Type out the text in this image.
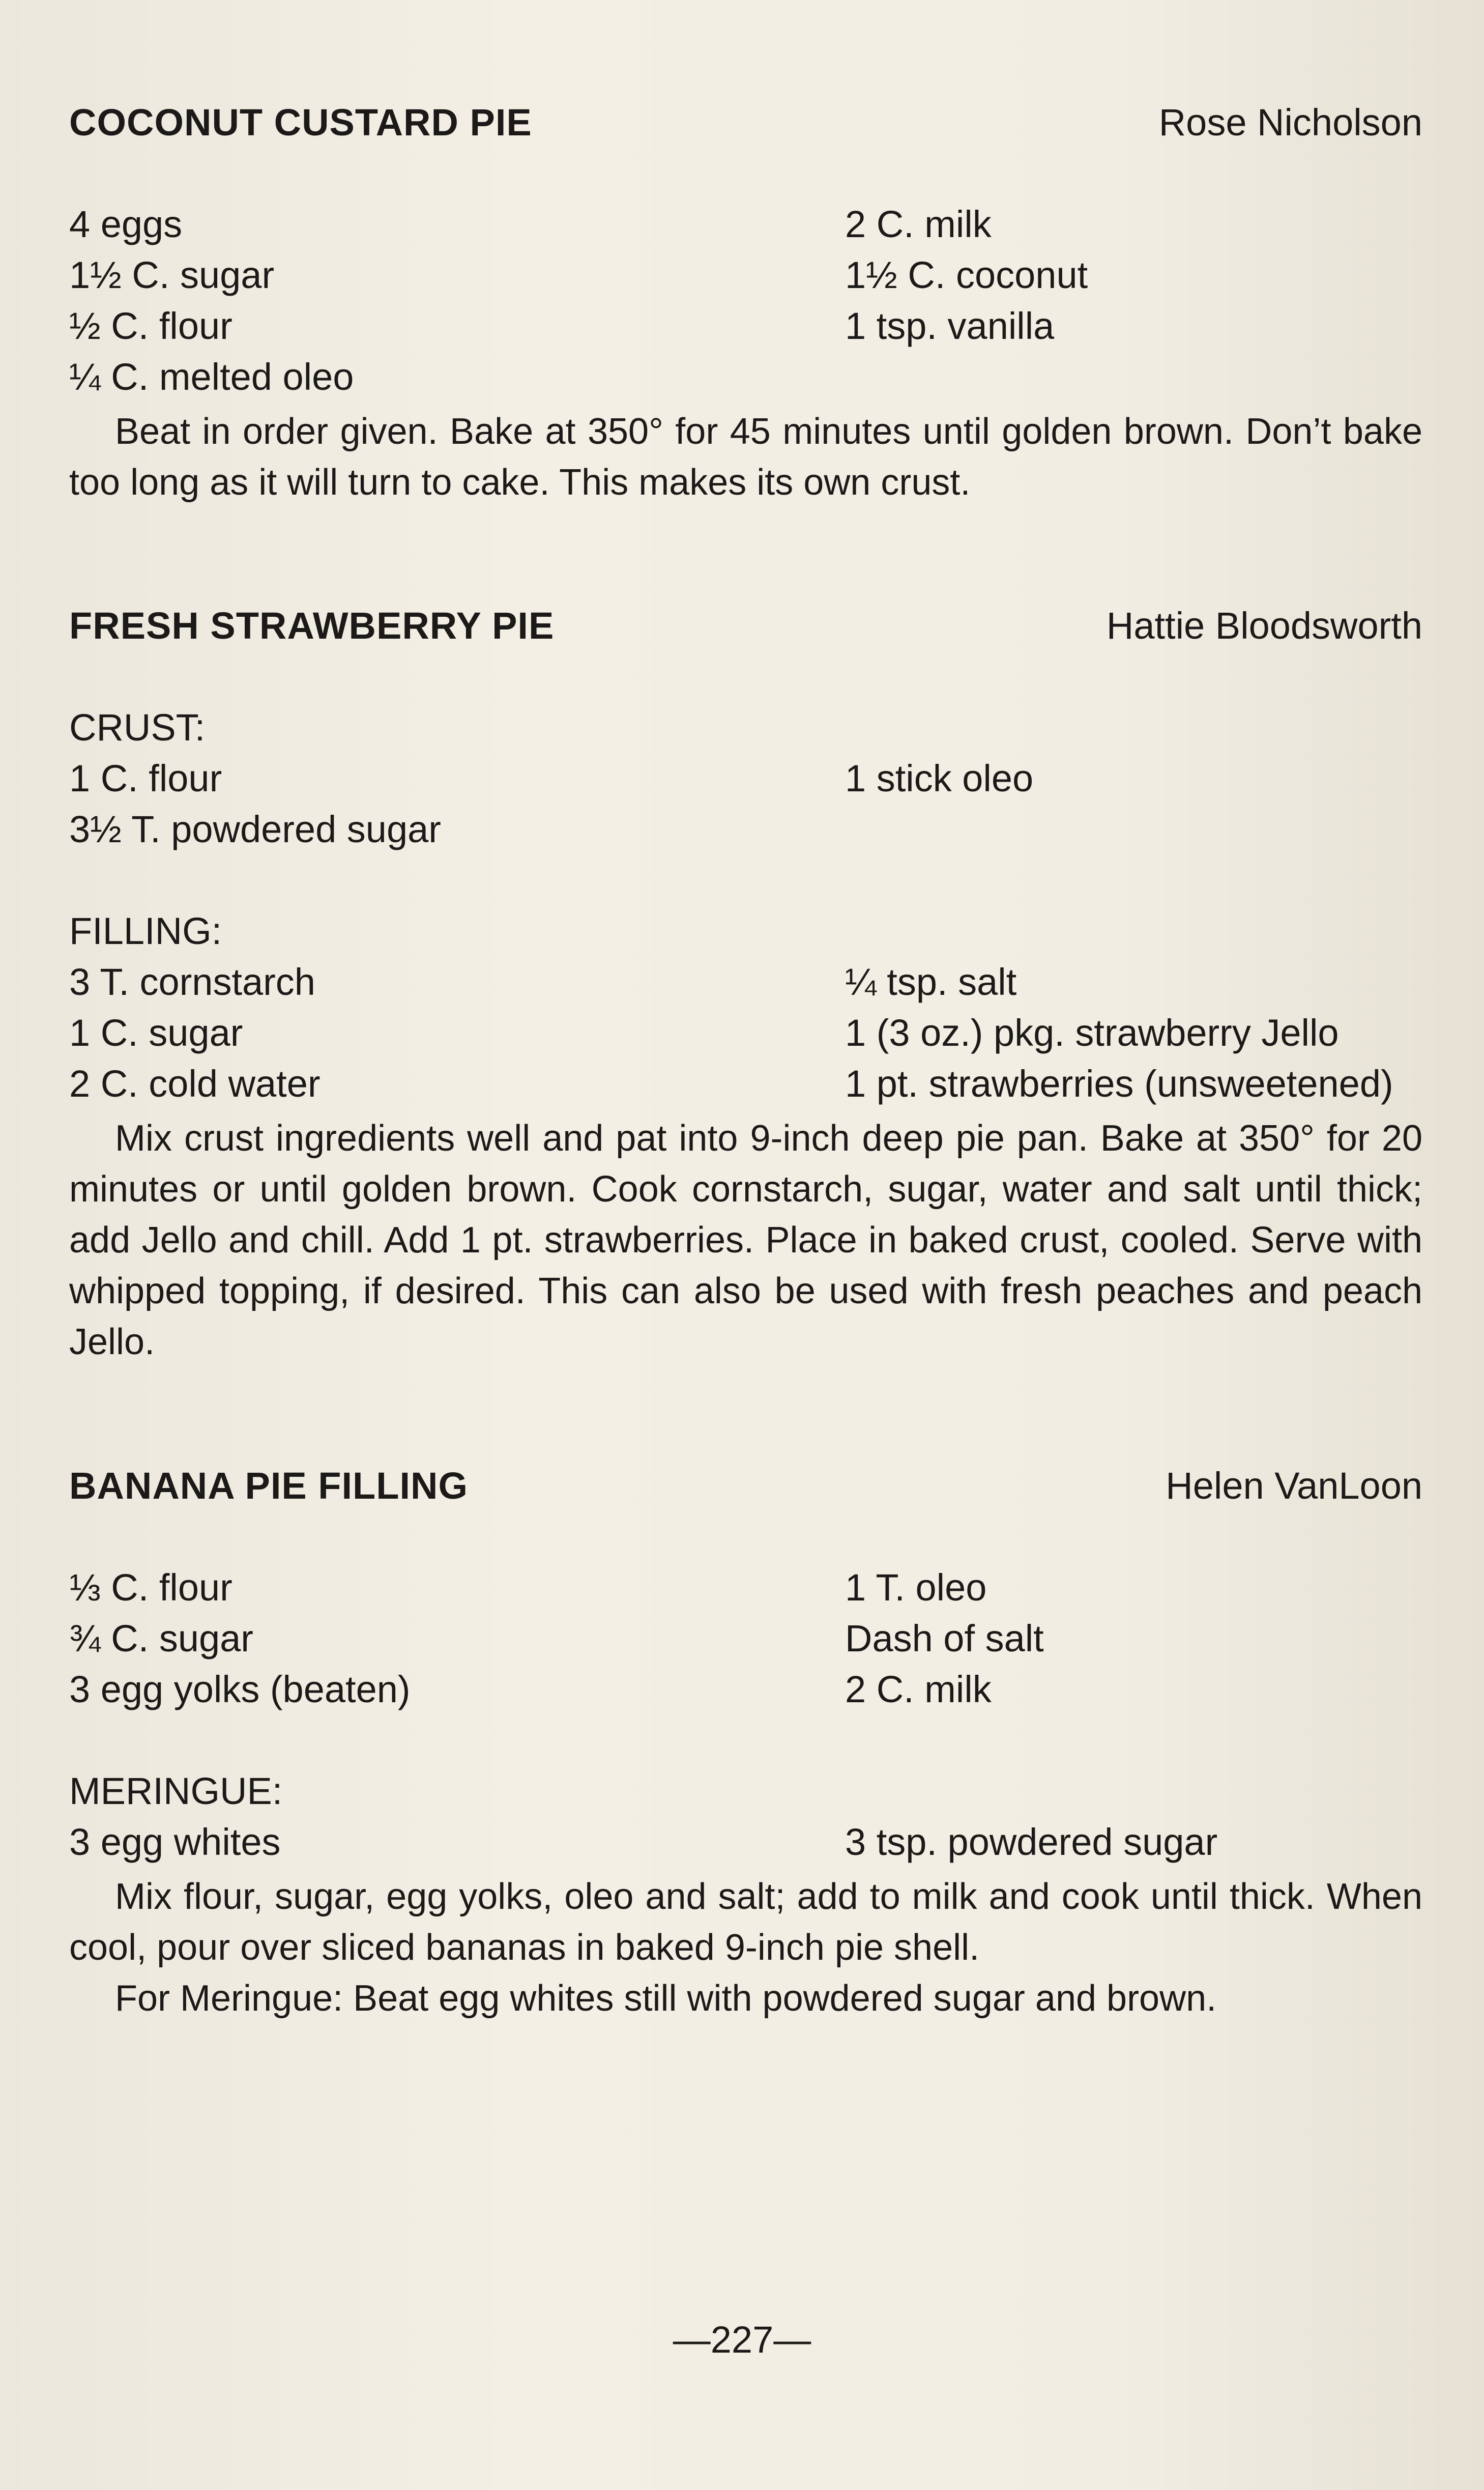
COCONUT CUSTARD PIE	Rose Nicholson
4 eggs	2 C. milk
1½ C. sugar	1½ C. coconut
½ C. flour	1 tsp. vanilla
¼ C. melted oleo

Beat in order given. Bake at 350° for 45 minutes until golden brown. Don’t bake too long as it will turn to cake. This makes its own crust.

FRESH STRAWBERRY PIE	Hattie Bloodsworth
CRUST:
1 C. flour	1 stick oleo
3½ T. powdered sugar
FILLING:
3 T. cornstarch	¼ tsp. salt
1 C. sugar	1 (3 oz.) pkg. strawberry Jello
2 C. cold water	1 pt. strawberries (unsweetened)

Mix crust ingredients well and pat into 9-inch deep pie pan. Bake at 350° for 20 minutes or until golden brown. Cook cornstarch, sugar, water and salt until thick; add Jello and chill. Add 1 pt. strawberries. Place in baked crust, cooled. Serve with whipped topping, if desired. This can also be used with fresh peaches and peach Jello.

BANANA PIE FILLING	Helen VanLoon
⅓ C. flour	1 T. oleo
¾ C. sugar	Dash of salt
3 egg yolks (beaten)	2 C. milk
MERINGUE:
3 egg whites	3 tsp. powdered sugar

Mix flour, sugar, egg yolks, oleo and salt; add to milk and cook until thick. When cool, pour over sliced bananas in baked 9-inch pie shell.

For Meringue: Beat egg whites still with powdered sugar and brown.

—227—
